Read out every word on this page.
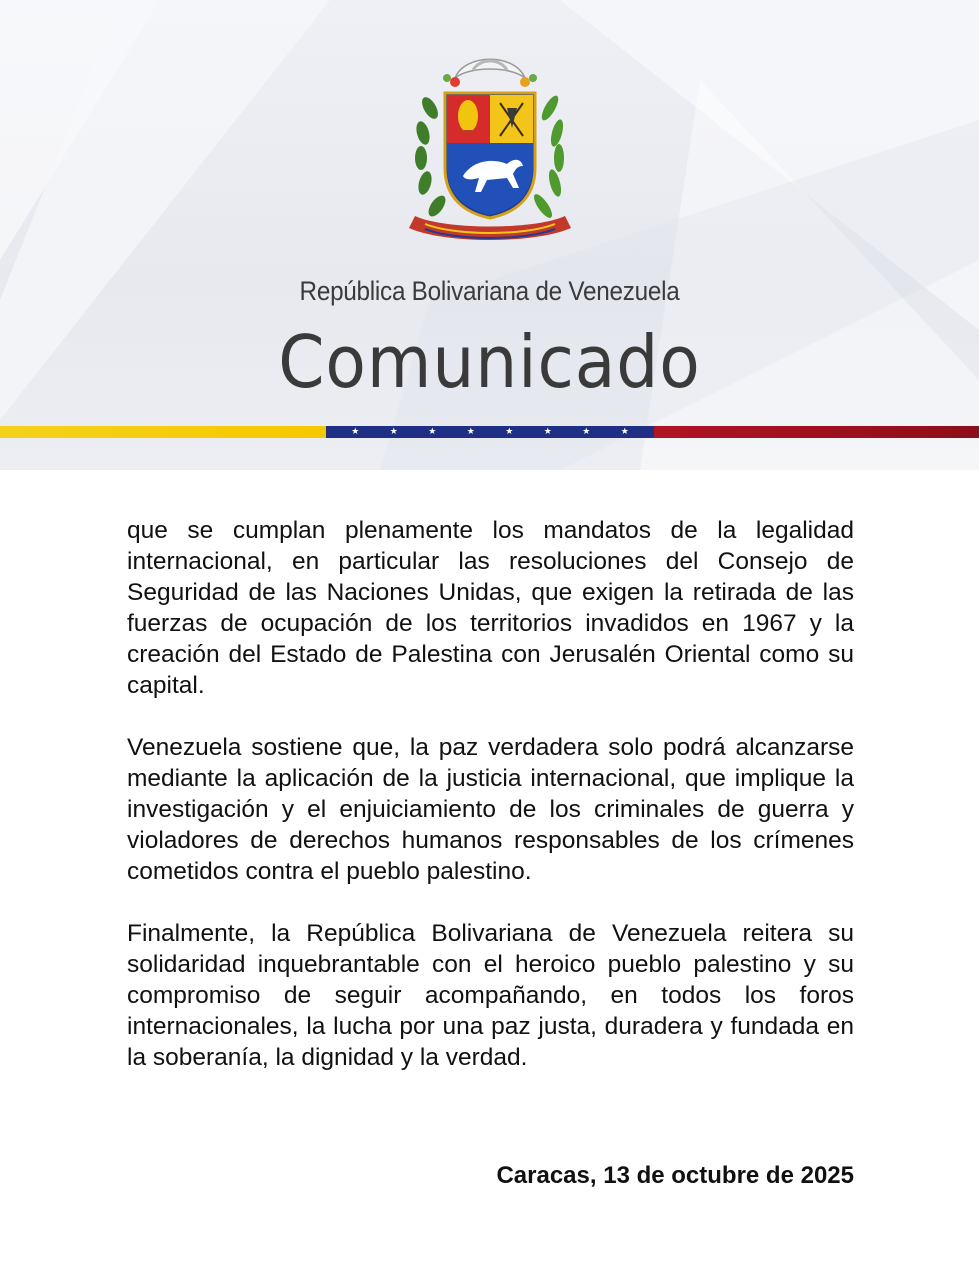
República Bolivariana de Venezuela
Comunicado
★	★	★	★	★	★	★	★

que se cumplan plenamente los mandatos de la legalidad internacional, en particular las resoluciones del Consejo de Seguridad de las Naciones Unidas, que exigen la retirada de las fuerzas de ocupación de los territorios invadidos en 1967 y la creación del Estado de Palestina con Jerusalén Oriental como su capital.

Venezuela sostiene que, la paz verdadera solo podrá alcanzarse mediante la aplicación de la justicia internacional, que implique la investigación y el enjuiciamiento de los criminales de guerra y violadores de derechos humanos responsables de los crímenes cometidos contra el pueblo palestino.

Finalmente, la República Bolivariana de Venezuela reitera su solidaridad inquebrantable con el heroico pueblo palestino y su compromiso de seguir acompañando, en todos los foros internacionales, la lucha por una paz justa, duradera y fundada en la soberanía, la dignidad y la verdad.

Caracas, 13 de octubre de 2025
